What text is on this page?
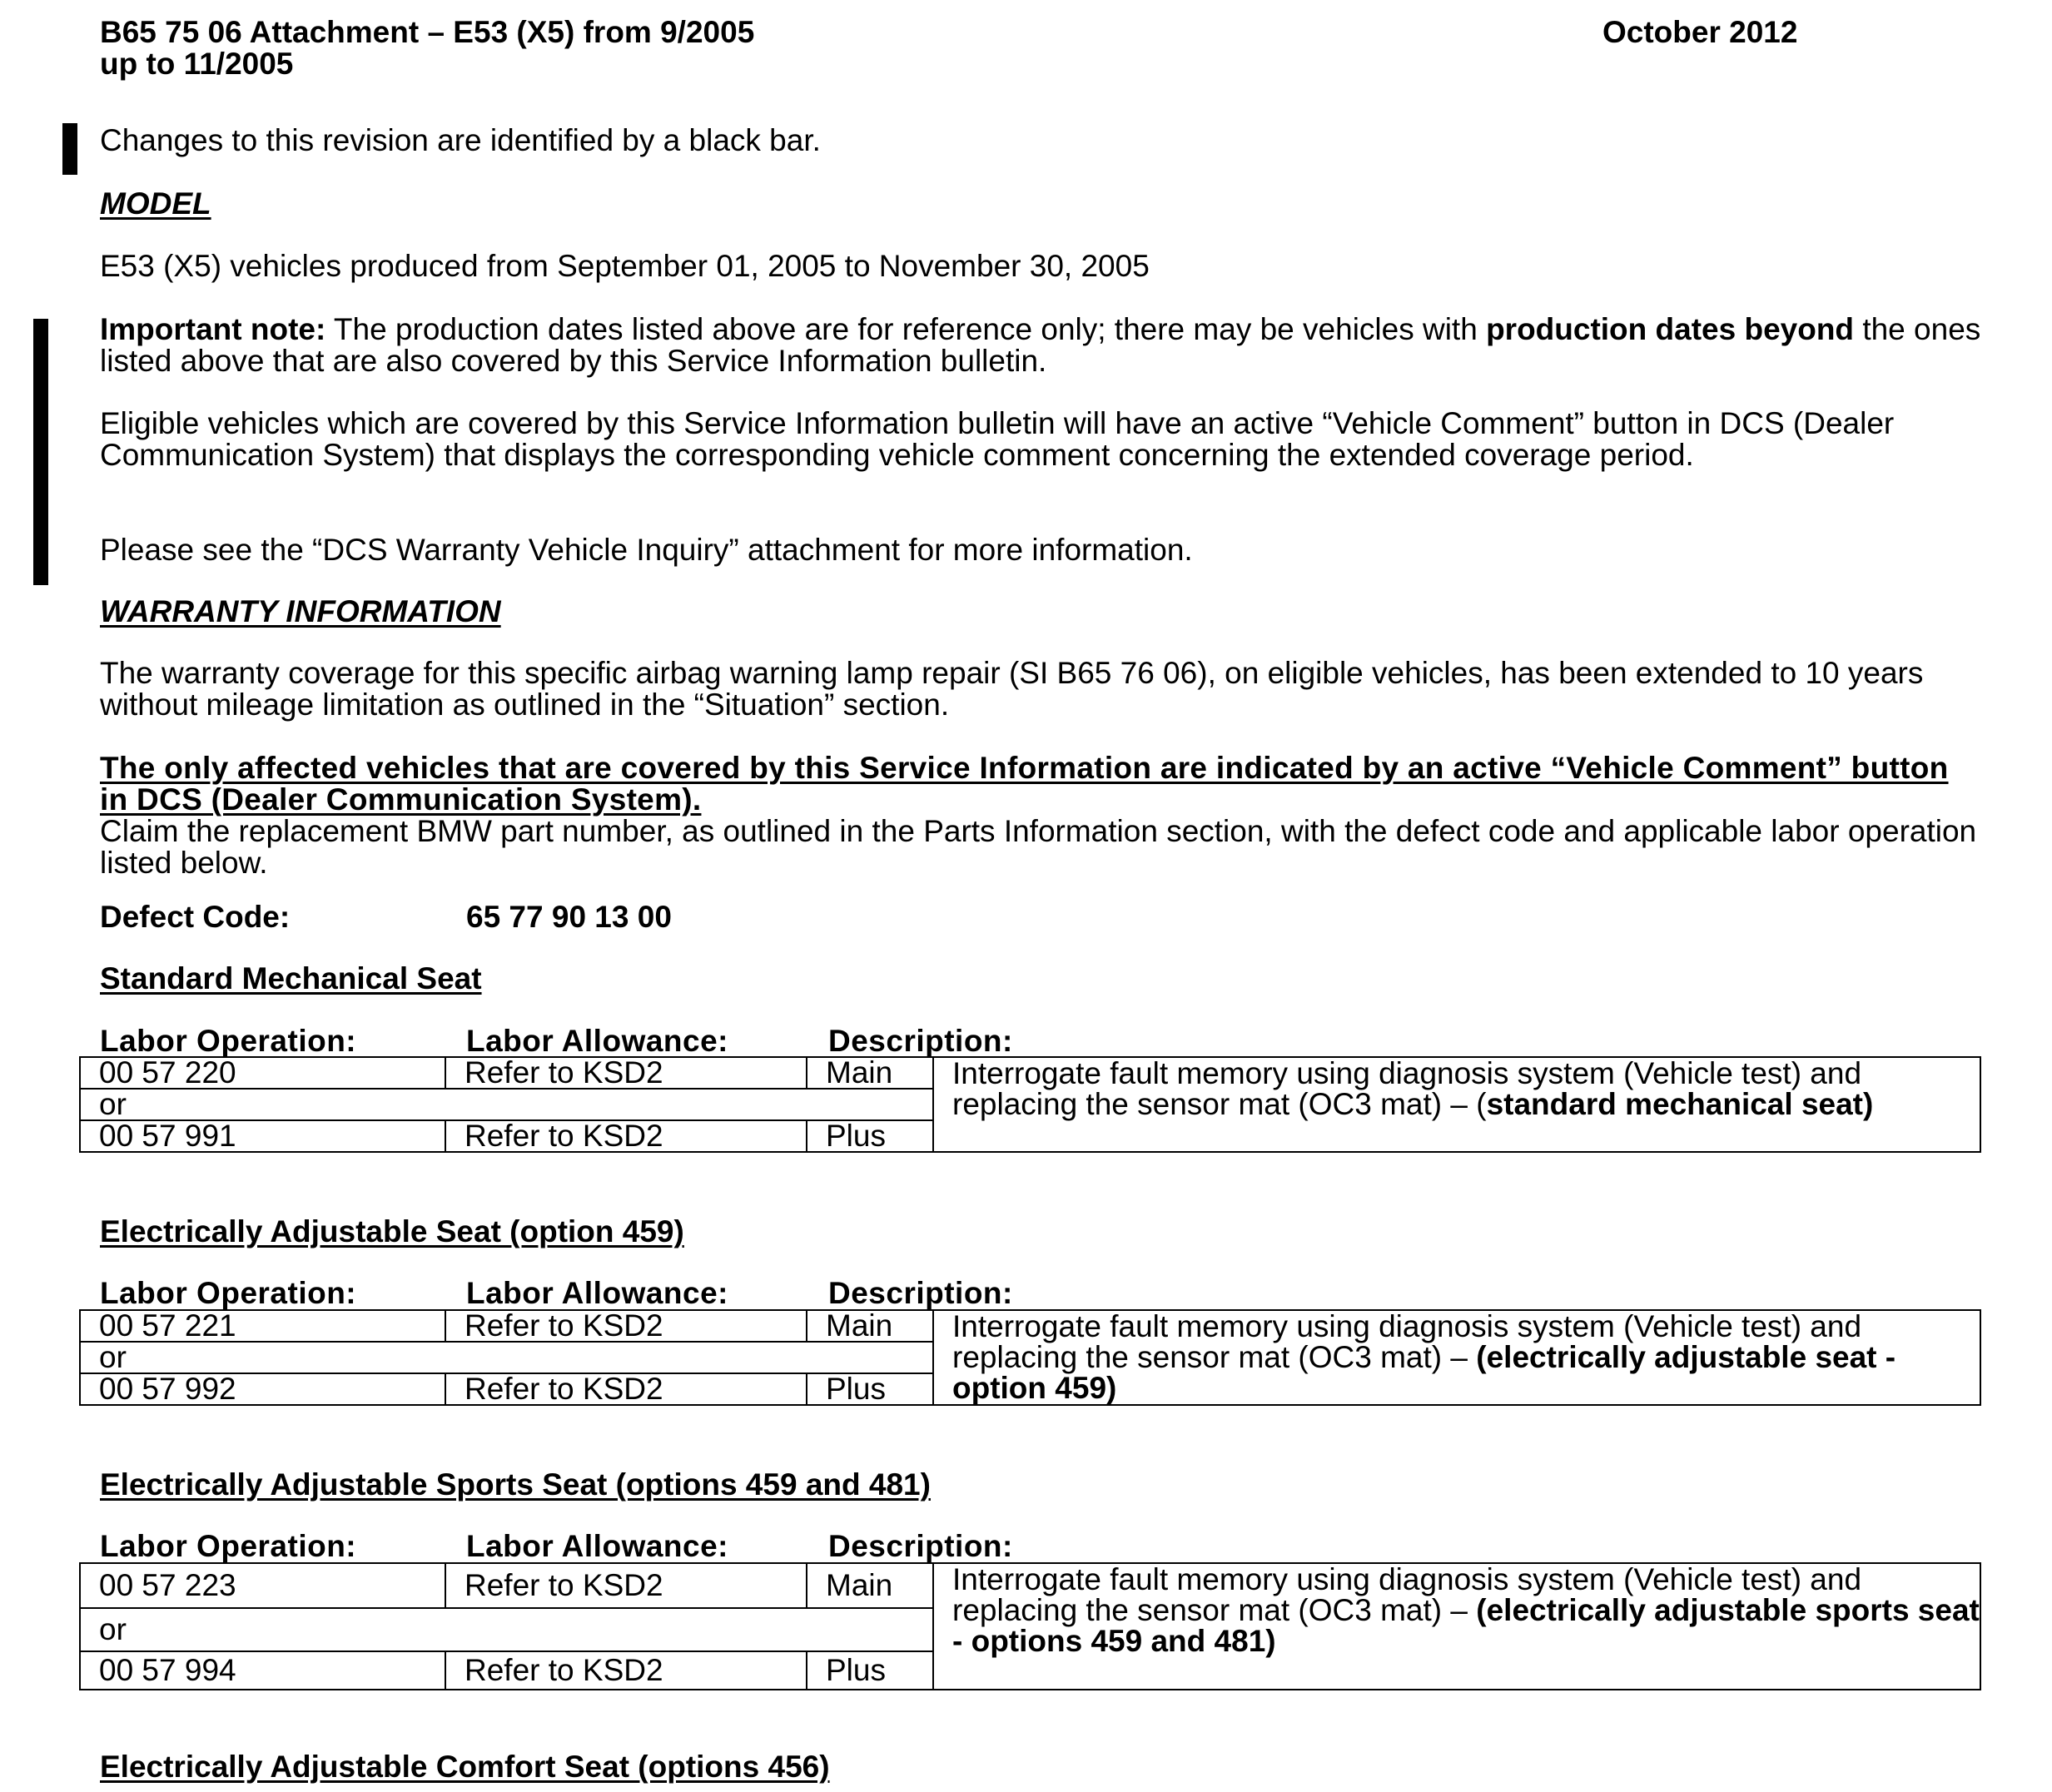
B65 75 06 Attachment – E53 (X5) from 9/2005
up to 11/2005
October 2012
Changes to this revision are identified by a black bar.
MODEL
E53 (X5) vehicles produced from September 01, 2005 to November 30, 2005
Important note: The production dates listed above are for reference only; there may be vehicles with production dates beyond the ones listed above that are also covered by this Service Information bulletin.
Eligible vehicles which are covered by this Service Information bulletin will have an active “Vehicle Comment” button in DCS (Dealer Communication System) that displays the corresponding vehicle comment concerning the extended coverage period.
Please see the “DCS Warranty Vehicle Inquiry” attachment for more information.
WARRANTY INFORMATION
The warranty coverage for this specific airbag warning lamp repair (SI B65 76 06), on eligible vehicles, has been extended to 10 years without mileage limitation as outlined in the “Situation” section.
The only affected vehicles that are covered by this Service Information are indicated by an active “Vehicle Comment” button in DCS (Dealer Communication System).
Claim the replacement BMW part number, as outlined in the Parts Information section, with the defect code and applicable labor operation listed below.
Defect Code:	65 77 90 13 00
Standard Mechanical Seat
Labor Operation:	Labor Allowance:	Description:
00 57 220	Refer to KSD2	Main	Interrogate fault memory using diagnosis system (Vehicle test) and replacing the sensor mat (OC3 mat) – (standard mechanical seat)
or			
00 57 991	Refer to KSD2	Plus	
Electrically Adjustable Seat (option 459)
Labor Operation:	Labor Allowance:	Description:
00 57 221	Refer to KSD2	Main	Interrogate fault memory using diagnosis system (Vehicle test) and replacing the sensor mat (OC3 mat) – (electrically adjustable seat - option 459)
or			
00 57 992	Refer to KSD2	Plus	
Electrically Adjustable Sports Seat (options 459 and 481)
Labor Operation:	Labor Allowance:	Description:
00 57 223	Refer to KSD2	Main	Interrogate fault memory using diagnosis system (Vehicle test) and replacing the sensor mat (OC3 mat) – (electrically adjustable sports seat - options 459 and 481)
or			
00 57 994	Refer to KSD2	Plus	
Electrically Adjustable Comfort Seat (options 456)
